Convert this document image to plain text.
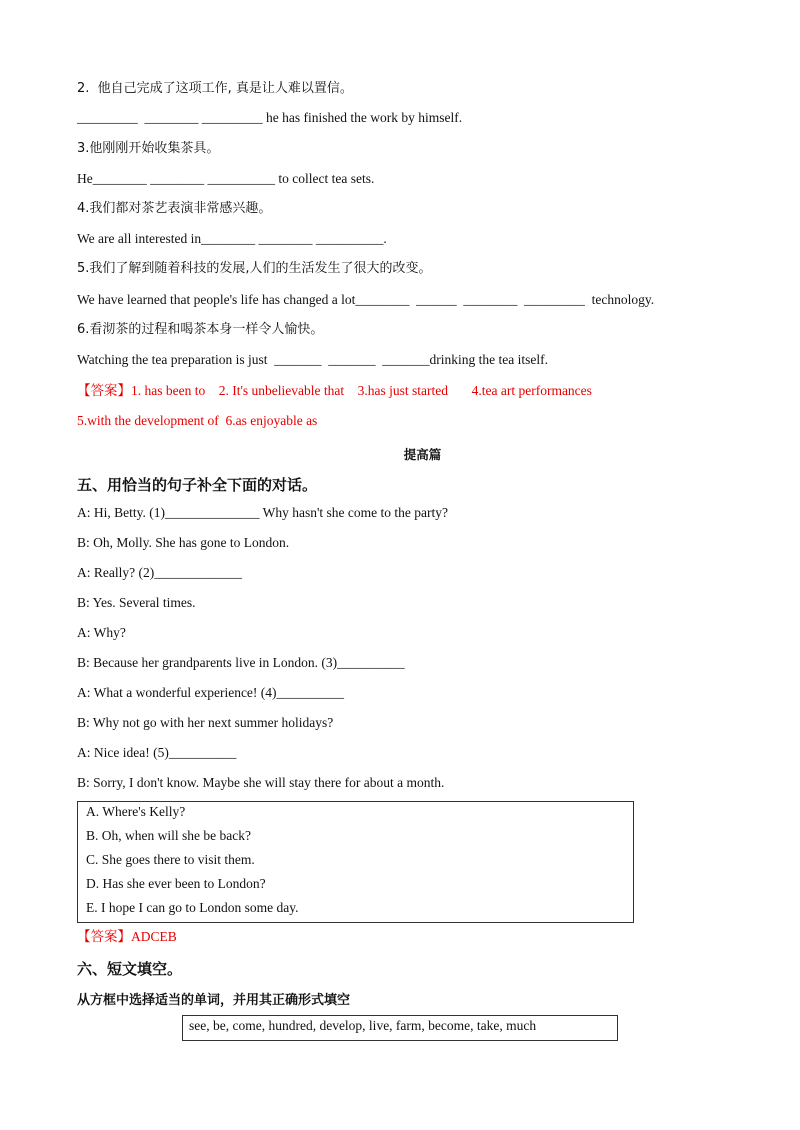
2.  他自己完成了这项工作, 真是让人难以置信。
_________  ________ _________ he has finished the work by himself.
3.他刚刚开始收集茶具。
He________ ________ __________ to collect tea sets.
4.我们都对茶艺表演非常感兴趣。
We are all interested in________ ________ __________.
5.我们了解到随着科技的发展,人们的生活发生了很大的改变。
We have learned that people's life has changed a lot________  ______  ________  _________  technology.
6.看沏茶的过程和喝茶本身一样令人愉快。
Watching the tea preparation is just  _______  _______  _______drinking the tea itself.
【答案】1. has been to    2. It's unbelievable that    3.has just started       4.tea art performances
5.with the development of  6.as enjoyable as
提高篇
五、用恰当的句子补全下面的对话。
A: Hi, Betty. (1)______________ Why hasn't she come to the party?
B: Oh, Molly. She has gone to London.
A: Really? (2)_____________
B: Yes. Several times.
A: Why?
B: Because her grandparents live in London. (3)__________
A: What a wonderful experience! (4)__________
B: Why not go with her next summer holidays?
A: Nice idea! (5)__________
B: Sorry, I don't know. Maybe she will stay there for about a month.
A. Where's Kelly?
B. Oh, when will she be back?
C. She goes there to visit them.
D. Has she ever been to London?
E. I hope I can go to London some day.
【答案】ADCEB
六、短文填空。
从方框中选择适当的单词，并用其正确形式填空
see, be, come, hundred, develop, live, farm, become, take, much
